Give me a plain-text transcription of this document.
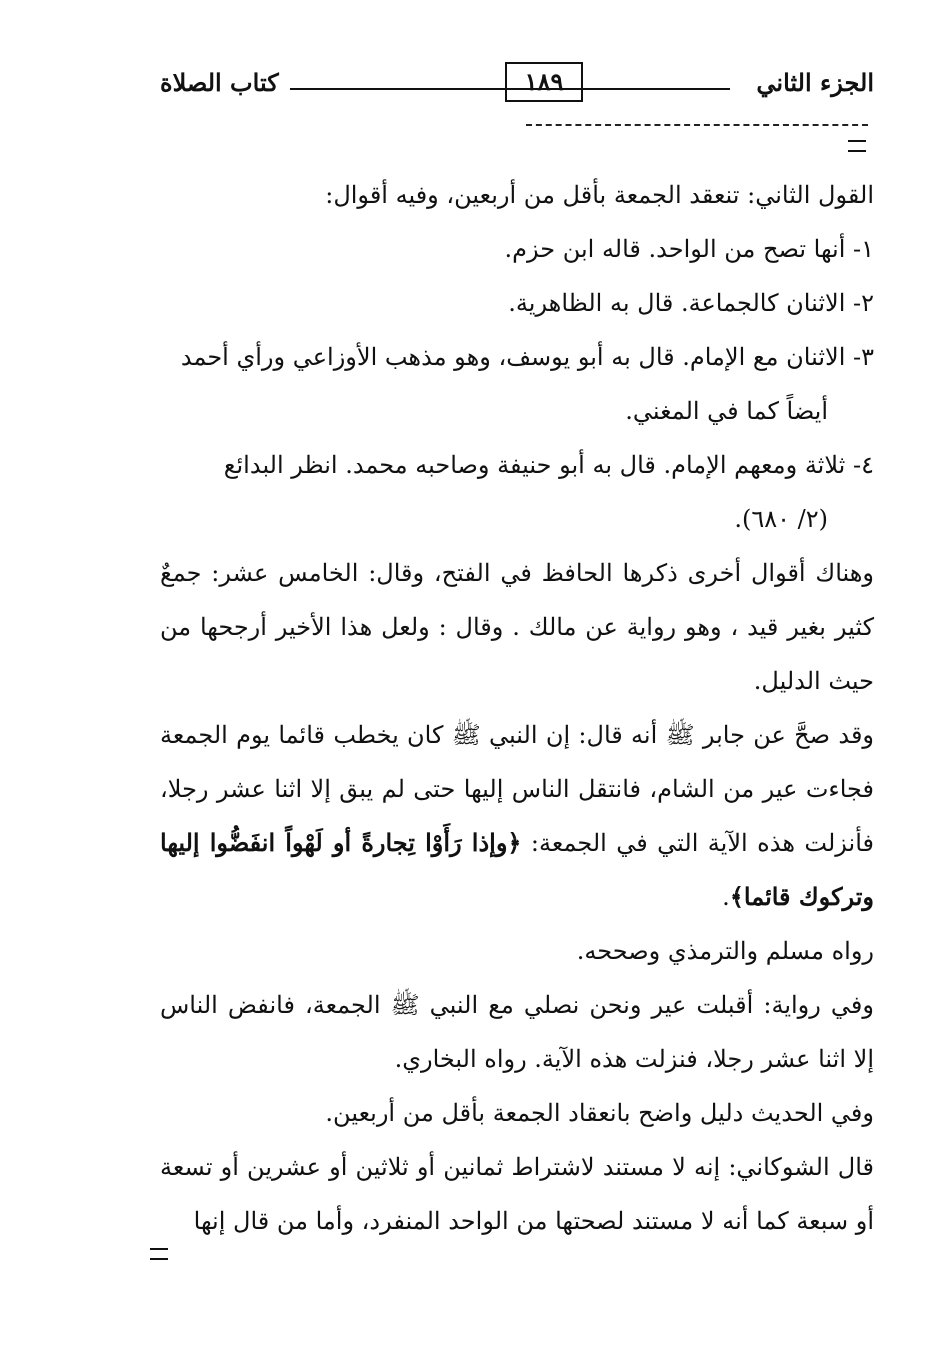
الجزء الثاني
١٨٩
كتاب الصلاة

القول الثاني: تنعقد الجمعة بأقل من أربعين، وفيه أقوال:

١- أنها تصح من الواحد. قاله ابن حزم.

٢- الاثنان كالجماعة. قال به الظاهرية.

٣- الاثنان مع الإمام. قال به أبو يوسف، وهو مذهب الأوزاعي ورأي أحمد

أيضاً كما في المغني.

٤- ثلاثة ومعهم الإمام. قال به أبو حنيفة وصاحبه محمد. انظر البدائع

(٢/ ٦٨٠).

وهناك أقوال أخرى ذكرها الحافظ في الفتح، وقال: الخامس عشر: جمعٌ كثير بغير قيد ، وهو رواية عن مالك . وقال : ولعل هذا الأخير أرجحها من حيث الدليل.

وقد صحَّ عن جابر ﷺ أنه قال: إن النبي ﷺ كان يخطب قائما يوم الجمعة فجاءت عير من الشام، فانتقل الناس إليها حتى لم يبق إلا اثنا عشر رجلا، فأنزلت هذه الآية التي في الجمعة: ﴿وإذا رَأَوْا تِجارةً أو لَهْواً انفَضُّوا إليها وتركوك قائما﴾.

رواه مسلم والترمذي وصححه.

وفي رواية: أقبلت عير ونحن نصلي مع النبي ﷺ الجمعة، فانفض الناس إلا اثنا عشر رجلا، فنزلت هذه الآية. رواه البخاري.

وفي الحديث دليل واضح بانعقاد الجمعة بأقل من أربعين.

قال الشوكاني: إنه لا مستند لاشتراط ثمانين أو ثلاثين أو عشرين أو تسعة أو سبعة كما أنه لا مستند لصحتها من الواحد المنفرد، وأما من قال إنها
